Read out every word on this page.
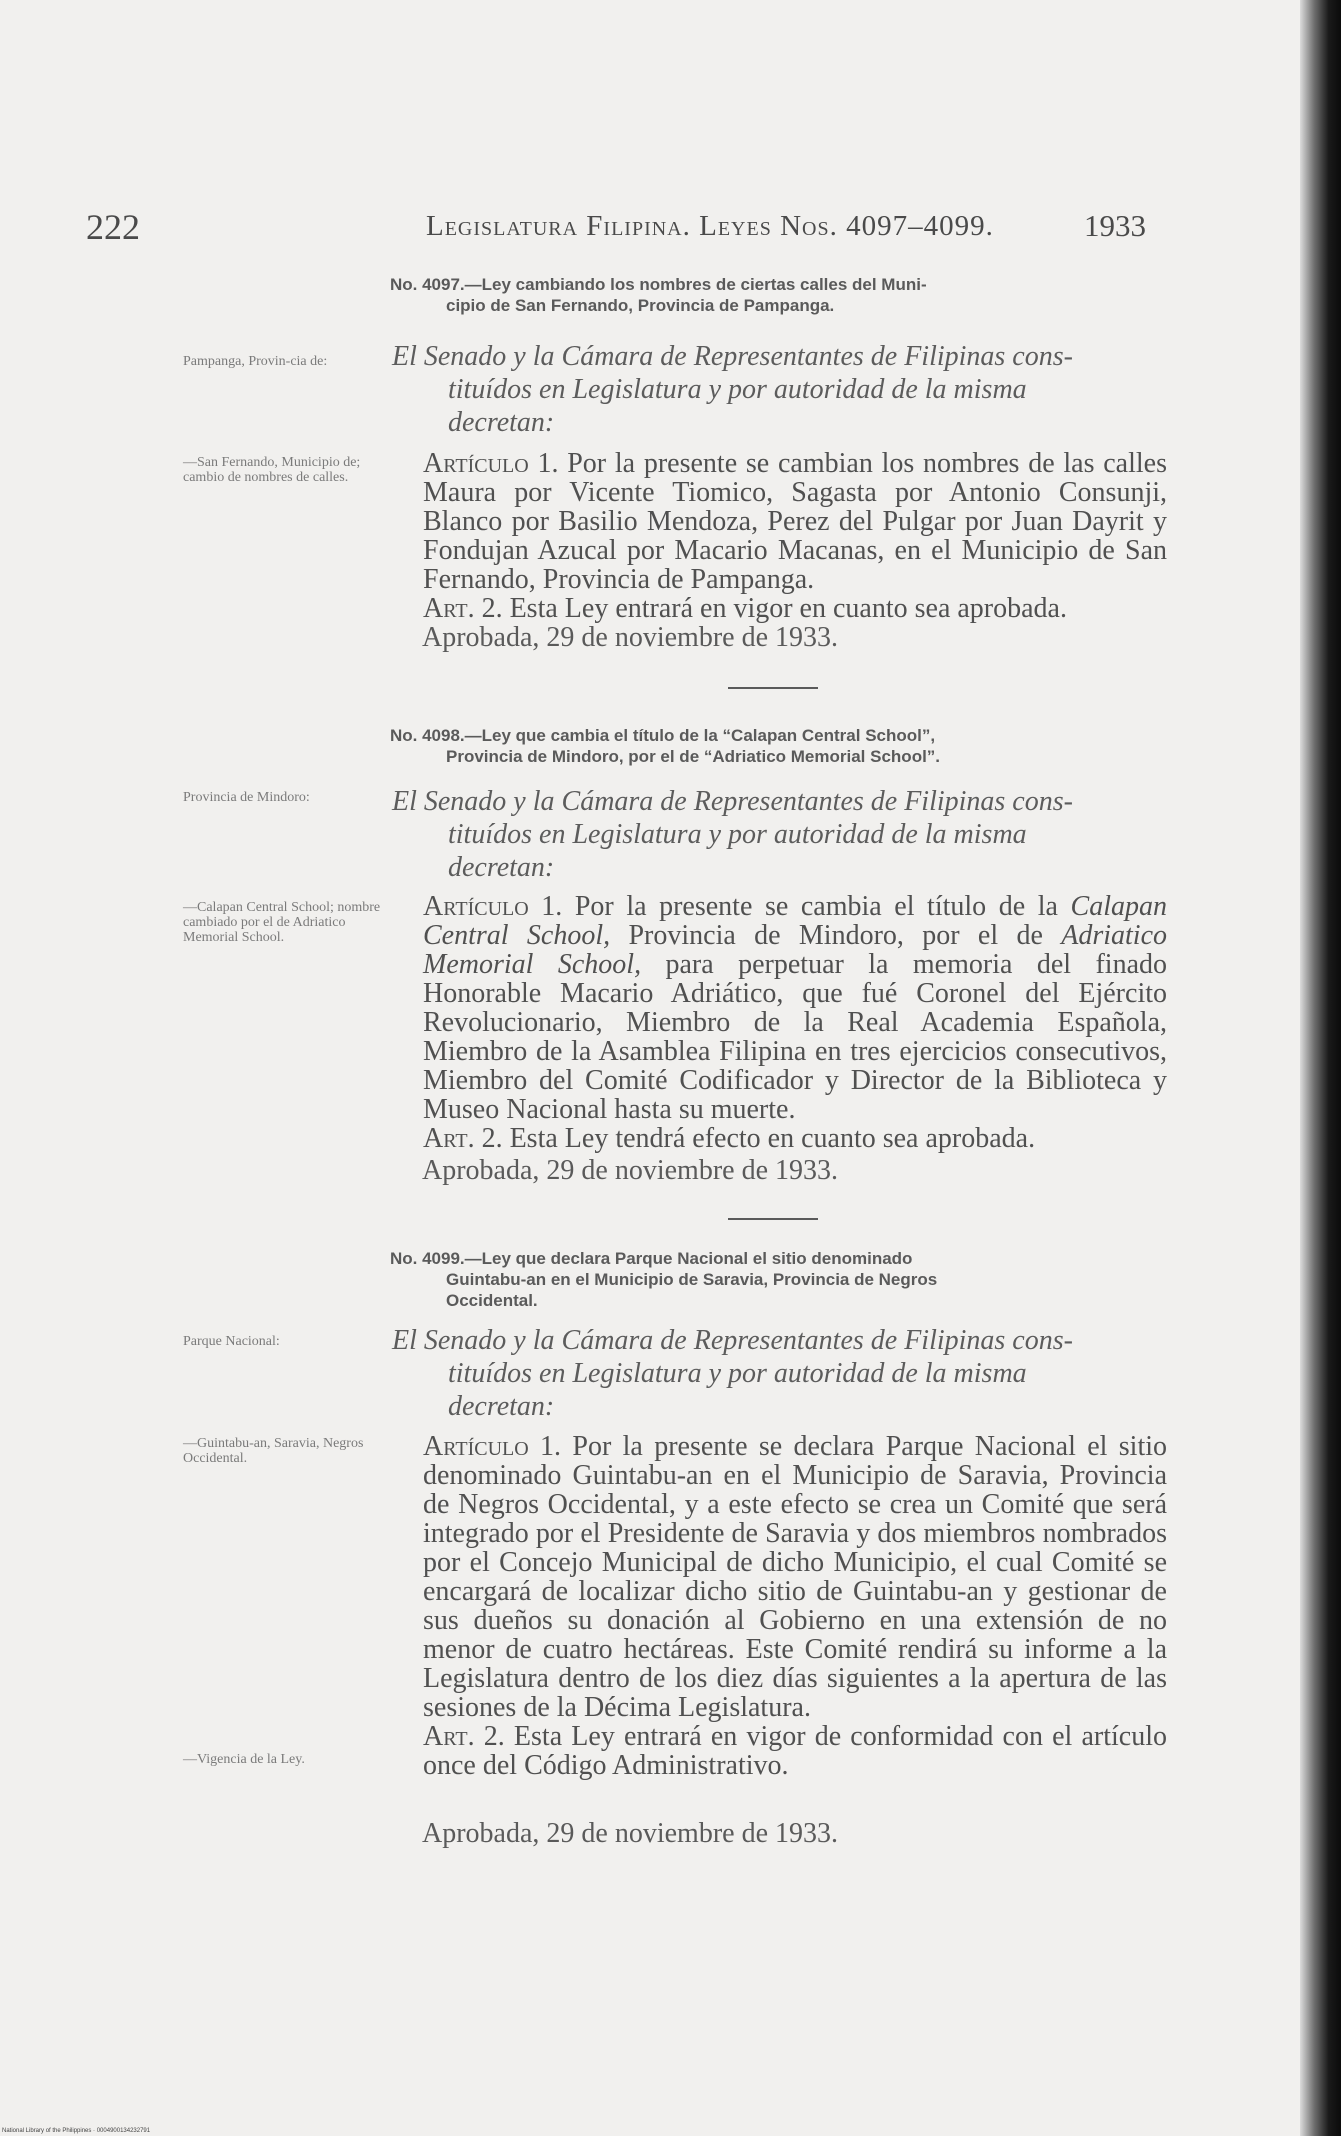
222	Legislatura Filipina. Leyes Nos. 4097–4099.	1933
No. 4097.—Ley cambiando los nombres de ciertas calles del Muni-
cipio de San Fernando, Provincia de Pampanga.
Pampanga, Provin-cia de:	El Senado y la Cámara de Representantes de Filipinas cons-
tituídos en Legislatura y por autoridad de la misma
decretan:
—San Fernando, Municipio de; cambio de nombres de calles.	Artículo 1. Por la presente se cambian los nombres de las calles Maura por Vicente Tiomico, Sagasta por Antonio Consunji, Blanco por Basilio Mendoza, Perez del Pulgar por Juan Dayrit y Fondujan Azucal por Macario Macanas, en el Municipio de San Fernando, Provincia de Pampanga.
Art. 2. Esta Ley entrará en vigor en cuanto sea aprobada.
Aprobada, 29 de noviembre de 1933.
No. 4098.—Ley que cambia el título de la “Calapan Central School”,
Provincia de Mindoro, por el de “Adriatico Memorial School”.
Provincia de Mindoro:	El Senado y la Cámara de Representantes de Filipinas cons-
tituídos en Legislatura y por autoridad de la misma
decretan:
—Calapan Central School; nombre cambiado por el de Adriatico Memorial School.
Artículo 1. Por la presente se cambia el título de la Calapan Central School, Provincia de Mindoro, por el de Adriatico Memorial School, para perpetuar la memoria del finado Honorable Macario Adriático, que fué Coronel del Ejército Revolucionario, Miembro de la Real Academia Española, Miembro de la Asamblea Filipina en tres ejercicios consecutivos, Miembro del Comité Codificador y Director de la Biblioteca y Museo Nacional hasta su muerte.
Art. 2. Esta Ley tendrá efecto en cuanto sea aprobada.
Aprobada, 29 de noviembre de 1933.
No. 4099.—Ley que declara Parque Nacional el sitio denominado
Guintabu-an en el Municipio de Saravia, Provincia de Negros
Occidental.
Parque Nacional:	El Senado y la Cámara de Representantes de Filipinas cons-
tituídos en Legislatura y por autoridad de la misma
decretan:
—Guintabu-an, Saravia, Negros Occidental.	Artículo 1. Por la presente se declara Parque Nacional el sitio denominado Guintabu-an en el Municipio de Saravia, Provincia de Negros Occidental, y a este efecto se crea un Comité que será integrado por el Presidente de Saravia y dos miembros nombrados por el Concejo Municipal de dicho Municipio, el cual Comité se encargará de localizar dicho sitio de Guintabu-an y gestionar de sus dueños su donación al Gobierno en una extensión de no menor de cuatro hectáreas. Este Comité rendirá su informe a la Legislatura dentro de los diez días siguientes a la apertura de las sesiones de la Décima Legislatura.
Art. 2. Esta Ley entrará en vigor de conformidad con el artículo once del Código Administrativo.
—Vigencia de la Ley.
Aprobada, 29 de noviembre de 1933.
National Library of the Philippines · 0004900134232791
